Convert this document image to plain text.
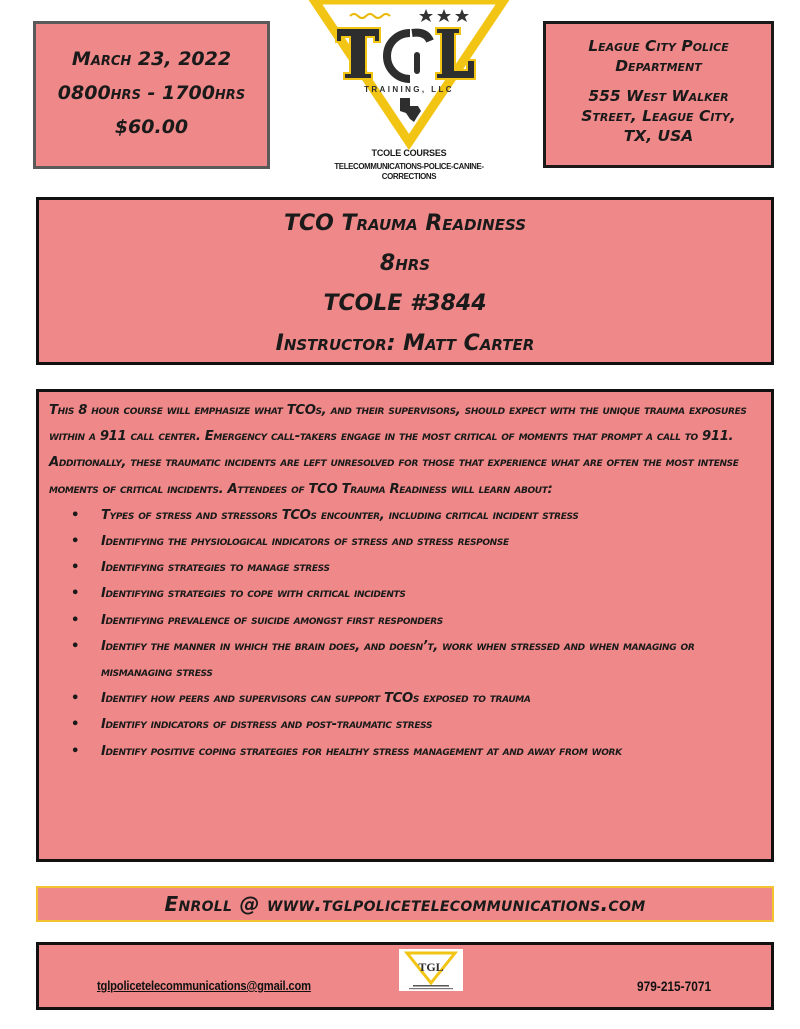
March 23, 2022

0800hrs - 1700hrs

$60.00

TRAINING, LLC
TCOLE COURSES
TELECOMMUNICATIONS-POLICE-CANINE-CORRECTIONS

League City Police

Department

555 West Walker

Street, League City,

TX, USA

TCO Trauma Readiness

8hrs

TCOLE #3844

Instructor: Matt Carter

This 8 hour course will emphasize what TCOs, and their supervisors, should expect with the unique trauma exposures within a 911 call center. Emergency call-takers engage in the most critical of moments that prompt a call to 911. Additionally, these traumatic incidents are left unresolved for those that experience what are often the most intense moments of critical incidents. Attendees of TCO Trauma Readiness will learn about:

• Types of stress and stressors TCOs encounter, including critical incident stress
• Identifying the physiological indicators of stress and stress response
• Identifying strategies to manage stress
• Identifying strategies to cope with critical incidents
• Identifying prevalence of suicide amongst first responders
• Identify the manner in which the brain does, and doesn’t, work when stressed and when managing or mismanaging stress
• Identify how peers and supervisors can support TCOs exposed to trauma
• Identify indicators of distress and post-traumatic stress
• Identify positive coping strategies for healthy stress management at and away from work

Enroll @ www.tglpolicetelecommunications.com

tglpolicetelecommunications@gmail.com
TGL
979-215-7071
